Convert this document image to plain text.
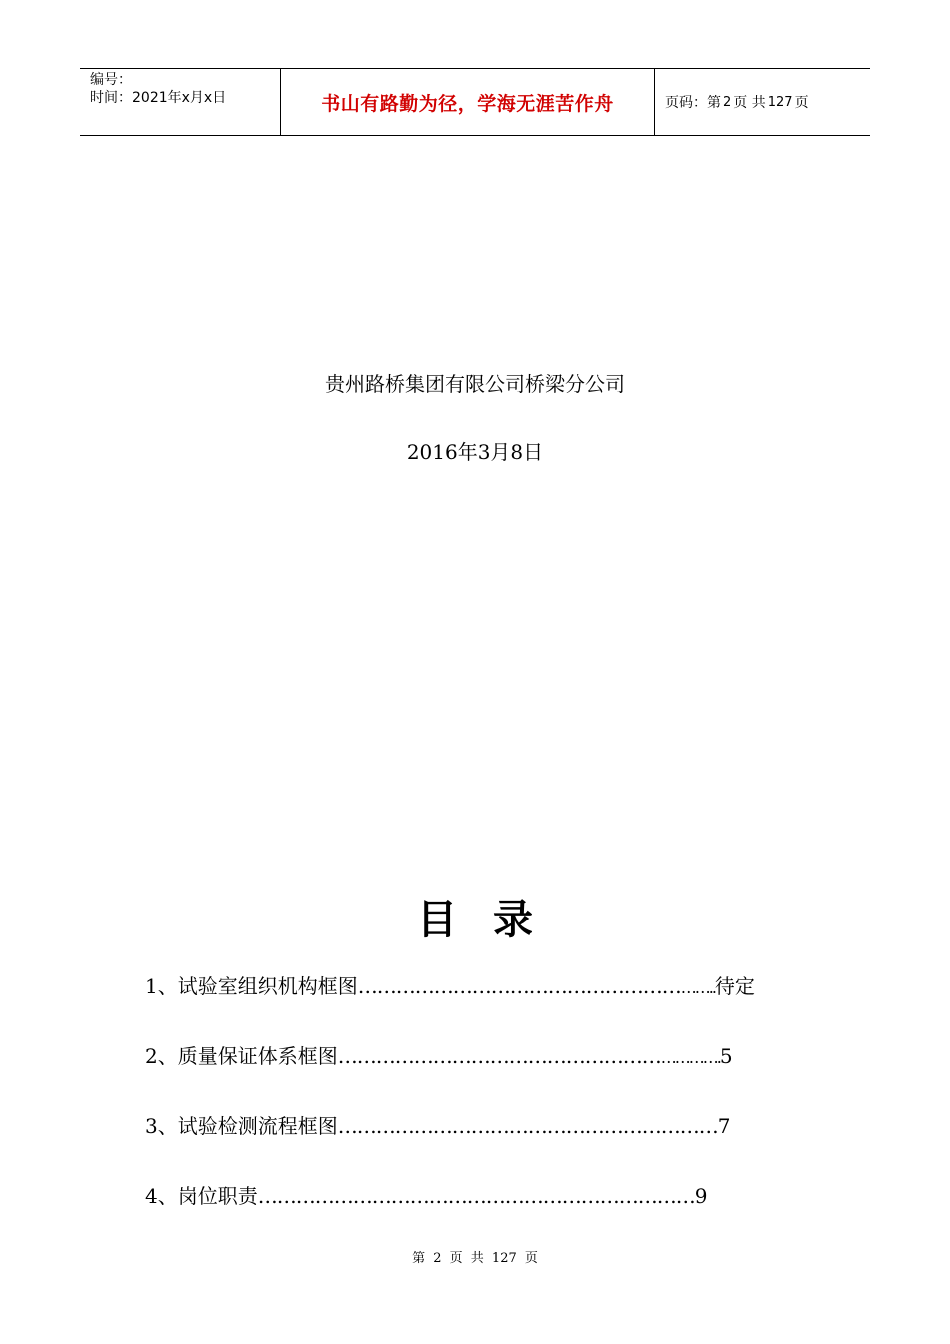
编号：
时间：2021年x月x日	书山有路勤为径，学海无涯苦作舟	页码：第 2 页 共 127 页
贵州路桥集团有限公司桥梁分公司
2016年3月8日
目录
1、试验室组织机构框图…………………………………………………..待定
2、质量保证体系框图……………………………………………………….5
3、试验检测流程框图……………………………………………………7
4、岗位职责……………………………………………………………9
第 2 页 共 127 页
